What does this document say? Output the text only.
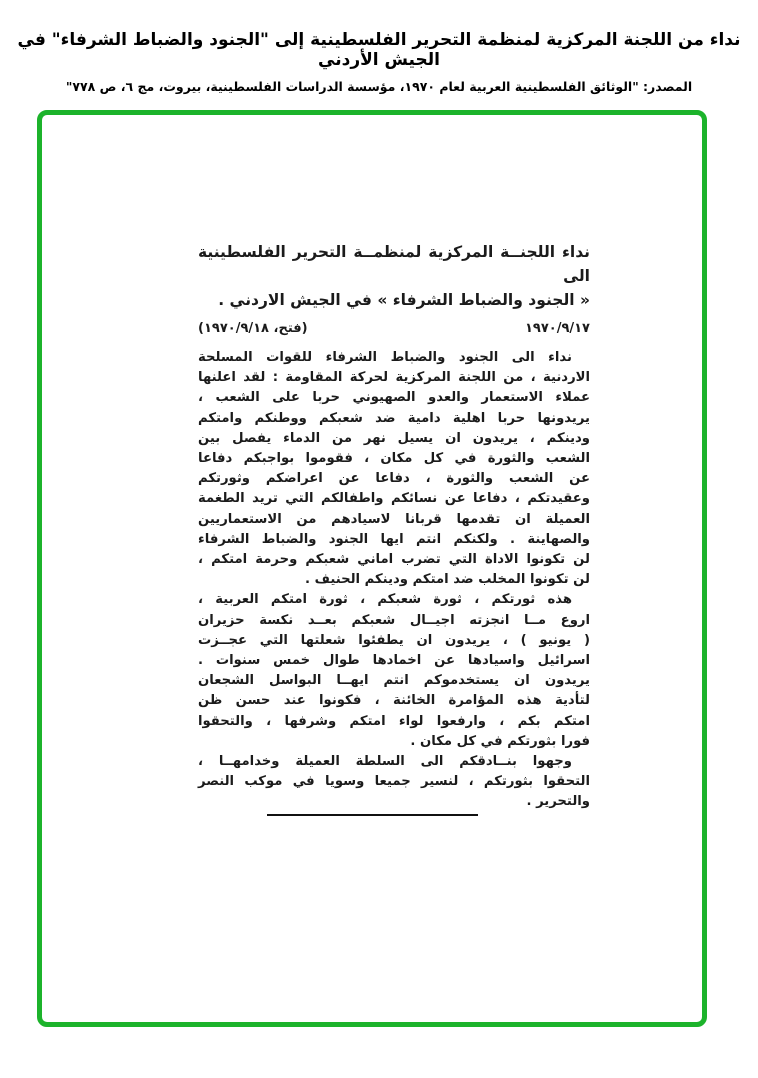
نداء من اللجنة المركزية لمنظمة التحرير الفلسطينية إلى "الجنود والضباط الشرفاء" في الجيش الأردني
المصدر: "الوثائق الفلسطينية العربية لعام ١٩٧٠، مؤسسة الدراسات الفلسطينية، بيروت، مج ٦، ص ٧٧٨"
نداء اللجنــة المركزية لمنظمــة التحرير الفلسطينية الى
« الجنود والضباط الشرفاء » في الجيش الاردني .
١٩٧٠/٩/١٧
(فتح، ١٩٧٠/٩/١٨)
نداء الى الجنود والضباط الشرفاء للقوات المسلحة
الاردنية ، من اللجنة المركزية لحركة المقاومة : لقد اعلنها
عملاء الاستعمار والعدو الصهيوني حربا على الشعب ،
يريدونها حربا اهلية دامية ضد شعبكم ووطنكم وامتكم
ودينكم ، يريدون ان يسيل نهر من الدماء يفصل بين
الشعب والثورة في كل مكان ، فقوموا بواجبكم دفاعا
عن الشعب والثورة ، دفاعا عن اعراضكم وثورتكم
وعقيدتكم ، دفاعا عن نسائكم واطفالكم التي تريد الطغمة
العميلة ان تقدمها قربانا لاسيادهم من الاستعماريين
والصهاينة . ولكنكم انتم ايها الجنود والضباط الشرفاء
لن تكونوا الاداة التي تضرب اماني شعبكم وحرمة امتكم ،
لن تكونوا المخلب ضد امتكم ودينكم الحنيف .
هذه ثورتكم ، ثورة شعبكم ، ثورة امتكم العربية ،
اروع مــا انجزته اجيــال شعبكم بعــد نكسة حزيران
( يونيو ) ، يريدون ان يطفئوا شعلتها التي عجــزت
اسرائيل واسيادها عن اخمادها طوال خمس سنوات .
يريدون ان يستخدموكم انتم ايهــا البواسل الشجعان
لتأدية هذه المؤامرة الخائنة ، فكونوا عند حسن ظن
امتكم بكم ، وارفعوا لواء امتكم وشرفها ، والتحقوا
فورا بثورتكم في كل مكان .
وجهوا بنــادقكم الى السلطة العميلة وخدامهــا ،
التحقوا بثورتكم ، لنسير جميعا وسويا في موكب النصر
والتحرير .
